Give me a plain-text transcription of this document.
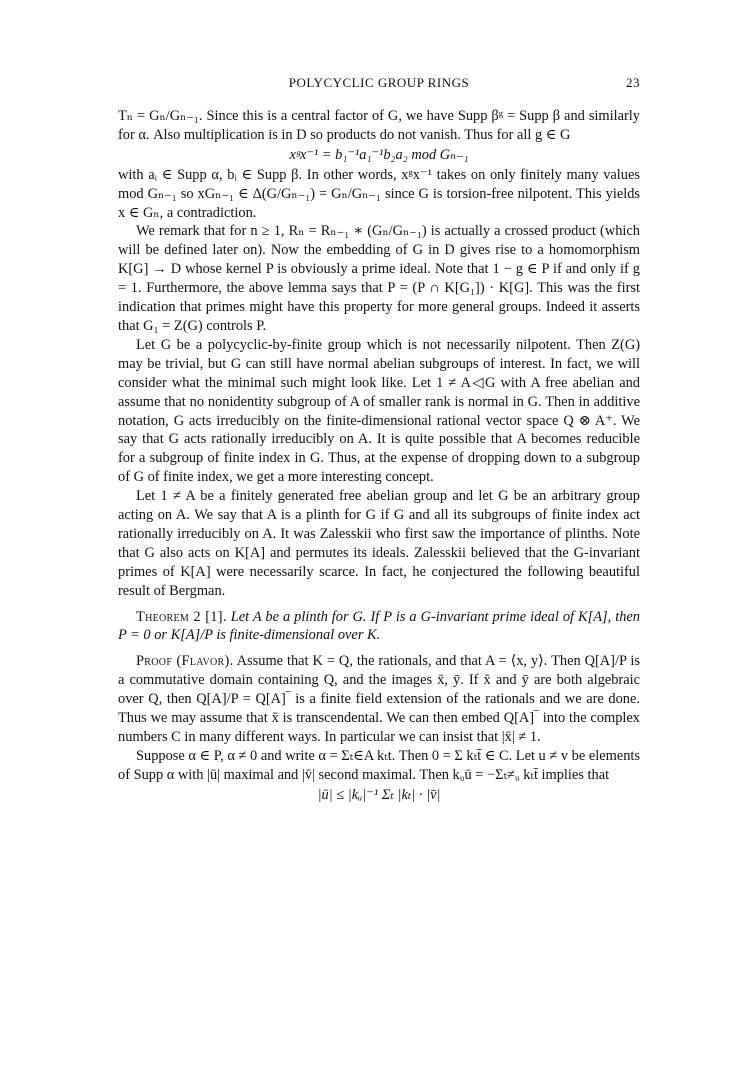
POLYCYCLIC GROUP RINGS	23

Tₙ = Gₙ/Gₙ₋₁. Since this is a central factor of G, we have Supp βᵍ = Supp β and similarly for α. Also multiplication is in D so products do not vanish. Thus for all g ∈ G

xᵍx⁻¹ = b₁⁻¹a₁⁻¹b₂a₂ mod Gₙ₋₁

with aᵢ ∈ Supp α, bᵢ ∈ Supp β. In other words, xᵍx⁻¹ takes on only finitely many values mod Gₙ₋₁ so xGₙ₋₁ ∈ Δ(G/Gₙ₋₁) = Gₙ/Gₙ₋₁ since G is torsion-free nilpotent. This yields x ∈ Gₙ, a contradiction.

We remark that for n ≥ 1, Rₙ = Rₙ₋₁ ∗ (Gₙ/Gₙ₋₁) is actually a crossed product (which will be defined later on). Now the embedding of G in D gives rise to a homomorphism K[G] → D whose kernel P is obviously a prime ideal. Note that 1 − g ∈ P if and only if g = 1. Furthermore, the above lemma says that P = (P ∩ K[G₁]) · K[G]. This was the first indication that primes might have this property for more general groups. Indeed it asserts that G₁ = Z(G) controls P.

Let G be a polycyclic-by-finite group which is not necessarily nilpotent. Then Z(G) may be trivial, but G can still have normal abelian subgroups of interest. In fact, we will consider what the minimal such might look like. Let 1 ≠ A◁G with A free abelian and assume that no nonidentity subgroup of A of smaller rank is normal in G. Then in additive notation, G acts irreducibly on the finite-dimensional rational vector space Q ⊗ A⁺. We say that G acts rationally irreducibly on A. It is quite possible that A becomes reducible for a subgroup of finite index in G. Thus, at the expense of dropping down to a subgroup of G of finite index, we get a more interesting concept.

Let 1 ≠ A be a finitely generated free abelian group and let G be an arbitrary group acting on A. We say that A is a plinth for G if G and all its subgroups of finite index act rationally irreducibly on A. It was Zalesskii who first saw the importance of plinths. Note that G also acts on K[A] and permutes its ideals. Zalesskii believed that the G-invariant primes of K[A] were necessarily scarce. In fact, he conjectured the following beautiful result of Bergman.

Theorem 2 [1]. Let A be a plinth for G. If P is a G-invariant prime ideal of K[A], then P = 0 or K[A]/P is finite-dimensional over K.

Proof (Flavor). Assume that K = Q, the rationals, and that A = ⟨x, y⟩. Then Q[A]/P is a commutative domain containing Q, and the images x̄, ȳ. If x̄ and ȳ are both algebraic over Q, then Q[A]/P = Q[A]‾ is a finite field extension of the rationals and we are done. Thus we may assume that x̄ is transcendental. We can then embed Q[A]‾ into the complex numbers C in many different ways. In particular we can insist that |x̄| ≠ 1.

Suppose α ∈ P, α ≠ 0 and write α = Σₜ∈A kₜt. Then 0 = Σ kₜt̄ ∈ C. Let u ≠ v be elements of Supp α with |ū| maximal and |v̄| second maximal. Then kᵤū = −Σₜ≠ᵤ kₜt̄ implies that

|ū| ≤ |kᵤ|⁻¹ Σₜ |kₜ| · |v̄|
